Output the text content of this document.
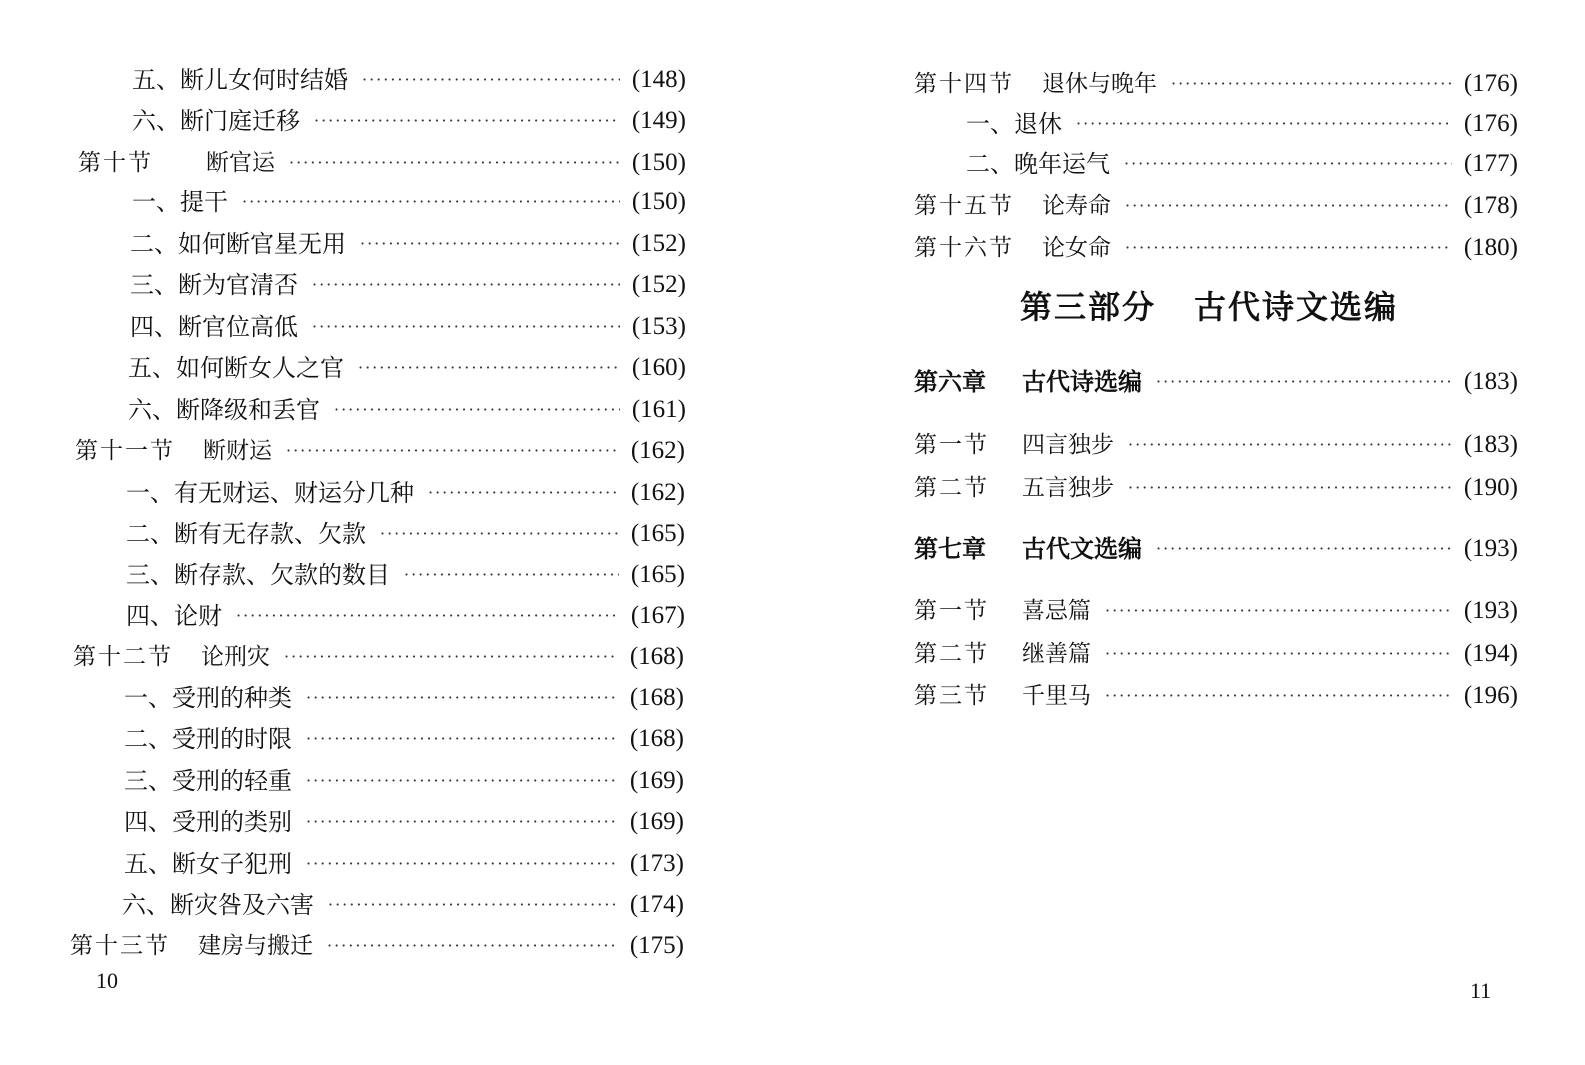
五、断儿女何时结婚 ·····	(148)
六、断门庭迁移 ·····	(149)
第十节 断官运 ·····	(150)
一、提干 ·····	(150)
二、如何断官星无用 ·····	(152)
三、断为官清否 ·····	(152)
四、断官位高低 ·····	(153)
五、如何断女人之官 ·····	(160)
六、断降级和丢官 ·····	(161)
第十一节 断财运 ·····	(162)
一、有无财运、财运分几种 ·····	(162)
二、断有无存款、欠款 ·····	(165)
三、断存款、欠款的数目 ·····	(165)
四、论财 ·····	(167)
第十二节 论刑灾 ·····	(168)
一、受刑的种类 ·····	(168)
二、受刑的时限 ·····	(168)
三、受刑的轻重 ·····	(169)
四、受刑的类别 ·····	(169)
五、断女子犯刑 ·····	(173)
六、断灾咎及六害 ·····	(174)
第十三节 建房与搬迁 ·····	(175)
10
第十四节 退休与晚年 ·····	(176)
一、退休 ·····	(176)
二、晚年运气 ·····	(177)
第十五节 论寿命 ·····	(178)
第十六节 论女命 ·····	(180)
第三部分 古代诗文选编
第六章 古代诗选编 ·····	(183)
第一节 四言独步 ·····	(183)
第二节 五言独步 ·····	(190)
第七章 古代文选编 ·····	(193)
第一节 喜忌篇 ·····	(193)
第二节 继善篇 ·····	(194)
第三节 千里马 ·····	(196)
11
